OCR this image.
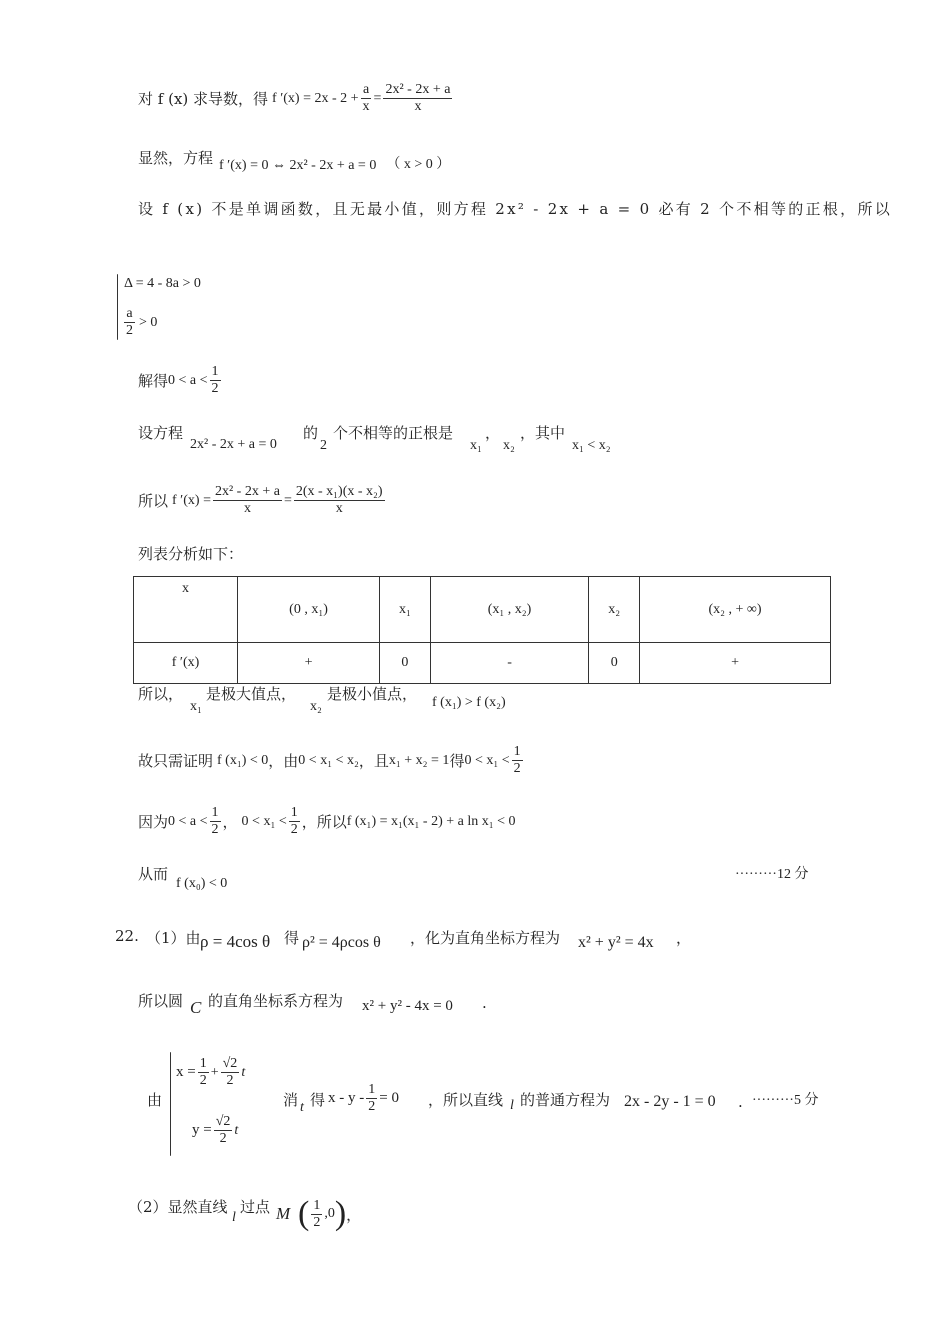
对 f (x) 求导数，得 f $'(x) = 2x - 2 + \frac{a}{x} = \frac{\text{2x² - 2x + a}}{x}$
显然，方程 f ′(x) = 0 ⇔ 2x² - 2x + a = 0 （ x > 0 ）
设 f (x) 不是单调函数，且无最小值，则方程 2x² - 2x + a = 0 必有 2 个不相等的正根，所以
Δ = 4 - 8a > 0
$\frac{a}{2} > 0$
解得 $0 < a < \frac{1}{2}$
设方程
2x² - 2x + a = 0
的
2
个不相等的正根是
x₁
，
x₂
，其中
x₁ < x₂
所以 f $'(x) = \frac{\text{2x² - 2x + a}}{x} = \frac{\text{2(x - x₁)(x - x₂)}}{x}$
列表分析如下：
x	(0 , x₁)	x₁	(x₁ , x₂)	x₂	(x₂ , + ∞)
f ′(x)	+	0	-	0	+
所以，
x₁
是极大值点，
x₂
是极小值点， f (x₁) > f (x₂)
故只需证明 f (x₁) < 0 ，由 0 < x₁ < x₂ ，且 x₁ + x₂ = 1 得 $0 < x_1 < \frac{1}{2}$
因为 $0 < a < \frac{1}{2}$ ， $0 < x_1 < \frac{1}{2}$ ，所以 f (x₁) = x₁(x₁ - 2) + a ln x₁ < 0
从而
f (x₀) < 0
·········12 分
22. （1）由 ρ = 4cos θ 得 ρ² = 4ρcos θ ，化为直角坐标方程为 x² + y² = 4x ，
所以圆 C 的直角坐标系方程为 x² + y² - 4x = 0 .
由
$x = \frac{1}{2} + \frac{√2}{2}$ t
$y = \frac{√2}{2}$ t
消 t 得 $x - y - \frac{1}{2} = 0$ ，所以直线 l 的普通方程为 2x - 2y - 1 = 0 . ·········5 分
（2）显然直线
l
过点 M ( $\frac{1}{2} ,0$ ) ，
